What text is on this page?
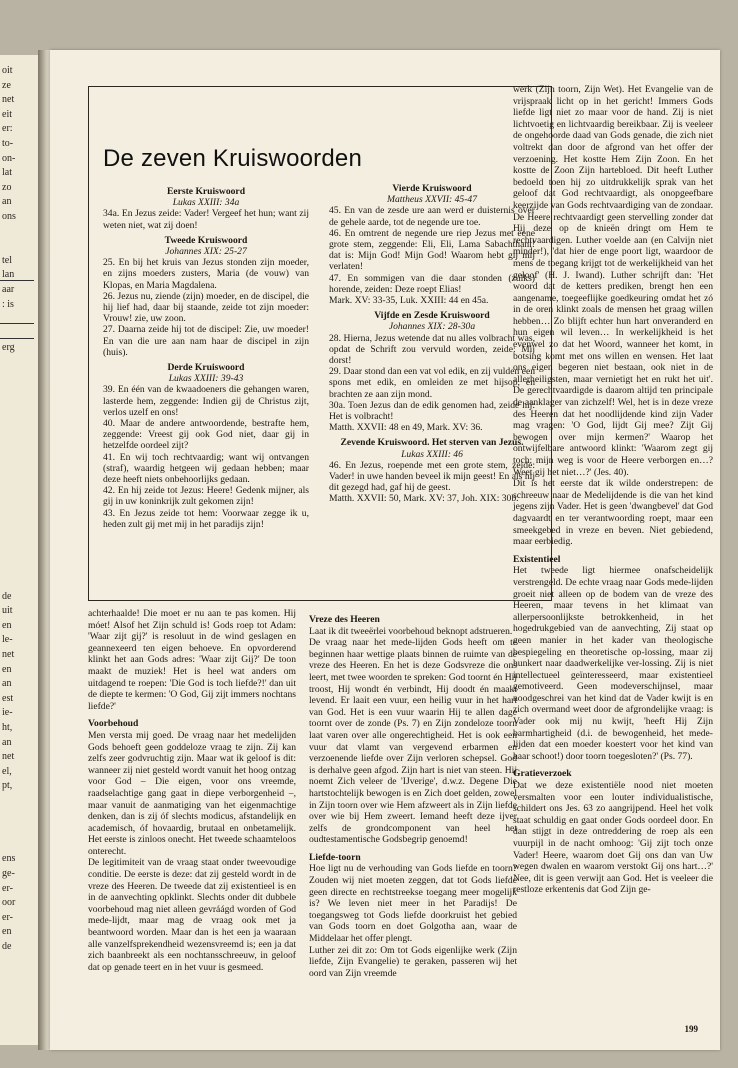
oit
ze
net
eit
er:
to-
on-
lat
zo
an
ons
tel
lan
aar
: is
erg
de
uit
en
le-
net
en
an
est
ie-
ht,
an
net
el,
pt,
ens
ge-
er-
oor
er-
en
de
De zeven Kruiswoorden

Eerste Kruiswoord

Lukas XXIII: 34a

34a. En Jezus zeide: Vader! Vergeef het hun; want zij weten niet, wat zij doen!

Tweede Kruiswoord

Johannes XIX: 25-27

25. En bij het kruis van Jezus stonden zijn moeder, en zijns moeders zusters, Maria (de vouw) van Klopas, en Maria Magdalena.

26. Jezus nu, ziende (zijn) moeder, en de discipel, die hij lief had, daar bij staande, zeide tot zijn moeder: Vrouw! zie, uw zoon.

27. Daarna zeide hij tot de discipel: Zie, uw moeder! En van die ure aan nam haar de discipel in zijn (huis).

Derde Kruiswoord

Lukas XXIII: 39-43

39. En één van de kwaadoeners die gehangen waren, lasterde hem, zeggende: Indien gij de Christus zijt, verlos uzelf en ons!

40. Maar de andere antwoordende, bestrafte hem, zeggende: Vreest gij ook God niet, daar gij in hetzelfde oordeel zijt?

41. En wij toch rechtvaardig; want wij ontvangen (straf), waardig hetgeen wij gedaan hebben; maar deze heeft niets onbehoorlijks gedaan.

42. En hij zeide tot Jezus: Heere! Gedenk mijner, als gij in uw koninkrijk zult gekomen zijn!

43. En Jezus zeide tot hem: Voorwaar zegge ik u, heden zult gij met mij in het paradijs zijn!

Vierde Kruiswoord

Mattheus XXVII: 45-47

45. En van de zesde ure aan werd er duisternis over de gehele aarde, tot de negende ure toe.

46. En omtrent de negende ure riep Jezus met eene grote stem, zeggende: Eli, Eli, Lama Sabachthani! dat is: Mijn God! Mijn God! Waarom hebt gij mij verlaten!

47. En sommigen van die daar stonden (zulks) horende, zeiden: Deze roept Elias!

Mark. XV: 33-35, Luk. XXIII: 44 en 45a.

Vijfde en Zesde Kruiswoord

Johannes XIX: 28-30a

28. Hierna, Jezus wetende dat nu alles volbracht was, opdat de Schrift zou vervuld worden, zeide: Mij dorst!

29. Daar stond dan een vat vol edik, en zij vulden een spons met edik, en omleiden ze met hijsop, en brachten ze aan zijn mond.

30a. Toen Jezus dan de edik genomen had, zeide hij: Het is volbracht!

Matth. XXVII: 48 en 49, Mark. XV: 36.

Zevende Kruiswoord. Het sterven van Jezus.

Lukas XXIII: 46

46. En Jezus, roepende met een grote stem, zeide: Vader! in uwe handen beveel ik mijn geest! En als hij dit gezegd had, gaf hij de geest.

Matth. XXVII: 50, Mark. XV: 37, Joh. XIX: 30b.

achterhaalde! Die moet er nu aan te pas komen. Hij móet! Alsof het Zijn schuld is! Gods roep tot Adam: 'Waar zijt gij?' is resoluut in de wind geslagen en geannexeerd ten eigen behoeve. En opvorderend klinkt het aan Gods adres: 'Waar zijt Gij?' De toon maakt de muziek! Het is heel wat anders om uitdagend te roepen: 'Die God is toch liefde?!' dan uit de diepte te kermen: 'O God, Gij zijt immers nochtans liefde?'

Voorbehoud

Men versta mij goed. De vraag naar het medelijden Gods behoeft geen goddeloze vraag te zijn. Zij kan zelfs zeer godvruchtig zijn. Maar wat ik geloof is dit: wanneer zij niet gesteld wordt vanuit het hoog ontzag voor God – Die eigen, voor ons vreemde, raadselachtige gang gaat in diepe verborgenheid –, maar vanuit de aanmatiging van het eigenmachtige denken, dan is zij óf slechts modicus, afstandelijk en academisch, óf hovaardig, brutaal en onbetamelijk. Het eerste is zinloos onecht. Het tweede schaamteloos onterecht.

De legitimiteit van de vraag staat onder tweevoudige conditie. De eerste is deze: dat zij gesteld wordt in de vreze des Heeren. De tweede dat zij existentieel is en in de aanvechting opklinkt. Slechts onder dit dubbele voorbehoud mag niet alleen gevráágd worden of God mede-lijdt, maar mag de vraag ook met ja beantwoord worden. Maar dan is het een ja waaraan alle vanzelfsprekendheid wezensvreemd is; een ja dat zich baanbreekt als een nochtansschreeuw, in geloof dat op genade teert en in het vuur is gesmeed.

Vreze des Heeren

Laat ik dit tweeërlei voorbehoud beknopt adstrueren.

De vraag naar het mede-lijden Gods heeft om te beginnen haar wettige plaats binnen de ruimte van de vreze des Heeren. En het is deze Godsvreze die ons leert, met twee woorden te spreken: God toornt én Hij troost, Hij wondt én verbindt, Hij doodt én maakt levend. Er laait een vuur, een heilig vuur in het hart van God. Het is een vuur waarin Hij te allen dage toornt over de zonde (Ps. 7) en Zijn zondeloze toorn laat varen over alle ongerechtigheid. Het is ook een vuur dat vlamt van vergevend erbarmen en verzoenende liefde over Zijn verloren schepsel. God is derhalve geen afgod. Zijn hart is niet van steen. Hij noemt Zich veleer de 'IJverige', d.w.z. Degene Die hartstochtelijk bewogen is en Zich doet gelden, zowel in Zijn toorn over wie Hem afzweert als in Zijn liefde over wie bij Hem zweert. Iemand heeft deze ijver zelfs de grondcomponent van heel het oudtestamentische Godsbegrip genoemd!

Liefde-toorn

Hoe ligt nu de verhouding van Gods liefde en toorn? Zouden wij niet moeten zeggen, dat tot Gods liefde geen directe en rechtstreekse toegang meer mogelijk is? We leven niet meer in het Paradijs! De toegangsweg tot Gods liefde doorkruist het gebied van Gods toorn en doet Golgotha aan, waar de Middelaar het offer plengt.

Luther zei dit zo: Om tot Gods eigenlijke werk (Zijn liefde, Zijn Evangelie) te geraken, passeren wij het oord van Zijn vreemde

werk (Zijn toorn, Zijn Wet). Het Evangelie van de vrijspraak licht op in het gericht! Immers Gods liefde ligt niet zo maar voor de hand. Zij is niet lichtvoetig en lichtvaardig bereikbaar. Zij is veeleer de ongehoorde daad van Gods genade, die zich niet voltrekt dan door de afgrond van het offer der verzoening. Het kostte Hem Zijn Zoon. En het kostte de Zoon Zijn hartebloed. Dit heeft Luther bedoeld toen hij zo uitdrukkelijk sprak van het geloof dat God rechtvaardigt, als onopgeefbare keerzijde van Gods rechtvaardiging van de zondaar. De Heere rechtvaardigt geen stervelling zonder dat Hij deze op de knieën dringt om Hem te rechtvaardigen. Luther voelde aan (en Calvijn niet minder!), 'dat hier de enge poort ligt, waardoor de mens de toegang krijgt tot de werkelijkheid van het geloof' (H. J. Iwand). Luther schrijft dan: 'Het woord dat de ketters prediken, brengt hen een aangename, toegeeflijke goedkeuring omdat het zó in de oren klinkt zoals de mensen het graag willen hebben… Zo blijft echter hun hart onveranderd en hun eigen wil leven… In werkelijkheid is het evenwel zo dat het Woord, wanneer het komt, in botsing komt met ons willen en wensen. Het laat ons eigen begeren niet bestaan, ook niet in de allerheiligsten, maar vernietigt het en rukt het uit'. De gerechtvaardigde is daarom altijd ten principale de aanklager van zichzelf! Wel, het is in deze vreze des Heeren dat het noodlijdende kind zijn Vader mag vragen: 'O God, lijdt Gij mee? Zijt Gij bewogen over mijn kermen?' Waarop het ontwijfelbare antwoord klinkt: 'Waarom zegt gij toch: mijn weg is voor de Heere verborgen en…? Weet gij het niet…?' (Jes. 40).

Dit is het eerste dat ik wilde onderstrepen: de schreeuw naar de Medelijdende is die van het kind jegens zijn Vader. Het is geen 'dwangbevel' dat God dagvaardt en ter verantwoording roept, maar een smeekgebed in vreze en beven. Niet gebiedend, maar eerbiedig.

Existentieel

Het tweede ligt hiermee onafscheidelijk verstrengeld. De echte vraag naar Gods mede-lijden groeit niet alleen op de bodem van de vreze des Heeren, maar tevens in het klimaat van allerpersoonlijkste betrokkenheid, in het hogedrukgebied van de aanvechting, Zij staat op geen manier in het kader van theologische bespiegeling en theoretische op-lossing, maar zij hunkert naar daadwerkelijke ver-lossing. Zij is niet intellectueel geïnteresseerd, maar existentieel gemotiveerd. Geen modeverschijnsel, maar noodgeschrei van het kind dat de Vader kwijt is en zich overmand weet door de afgrondelijke vraag: is Vader ook mij nu kwijt, 'heeft Hij Zijn barmhartigheid (d.i. de bewogenheid, het mede-lijden dat een moeder koestert voor het kind van haar schoot!) door toorn toegesloten?' (Ps. 77).

Gratieverzoek

Dat we deze existentiële nood niet moeten versmalten voor een louter individualistische, schildert ons Jes. 63 zo aangrijpend. Heel het volk staat schuldig en gaat onder Gods oordeel door. En dan stijgt in deze ontreddering de roep als een vuurpijl in de nacht omhoog: 'Gij zijt toch onze Vader! Heere, waarom doet Gij ons dan van Uw wegen dwalen en waarom verstokt Gij ons hart…?' Nee, dit is geen verwijt aan God. Het is veeleer die restloze erkentenis dat God Zijn ge-

199
